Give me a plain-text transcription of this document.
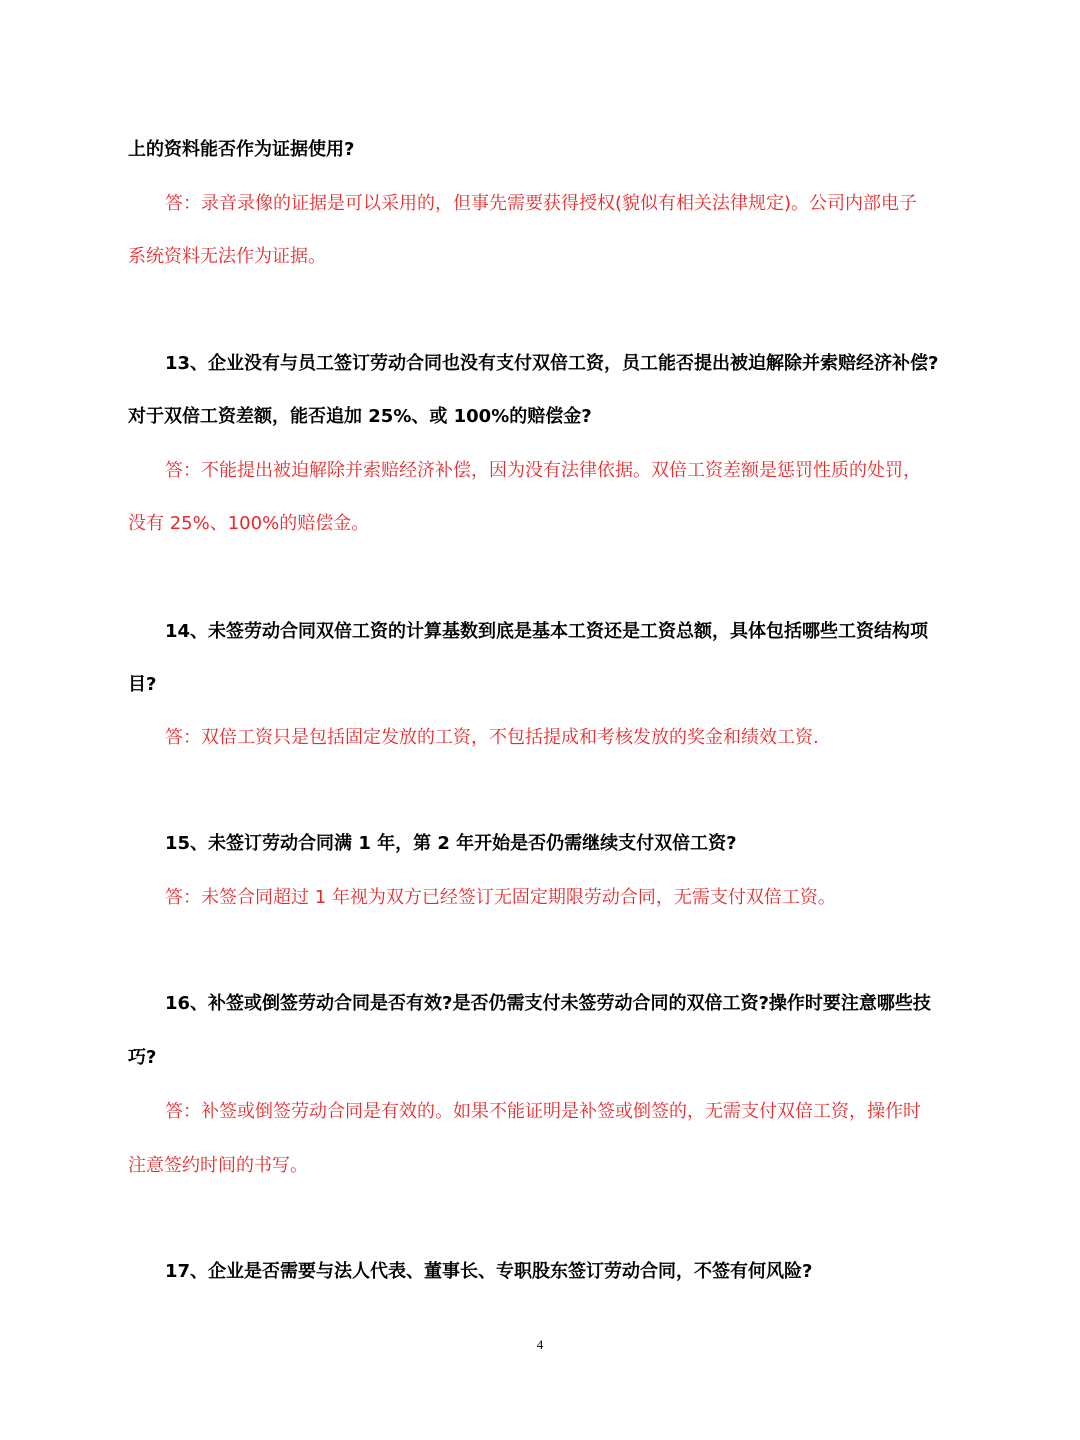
上的资料能否作为证据使用?
答：录音录像的证据是可以采用的，但事先需要获得授权(貌似有相关法律规定)。公司内部电子
系统资料无法作为证据。
13、企业没有与员工签订劳动合同也没有支付双倍工资，员工能否提出被迫解除并索赔经济补偿?
对于双倍工资差额，能否追加 25%、或 100%的赔偿金?
答：不能提出被迫解除并索赔经济补偿，因为没有法律依据。双倍工资差额是惩罚性质的处罚，
没有 25%、100%的赔偿金。
14、未签劳动合同双倍工资的计算基数到底是基本工资还是工资总额，具体包括哪些工资结构项
目?
答：双倍工资只是包括固定发放的工资，不包括提成和考核发放的奖金和绩效工资.
15、未签订劳动合同满 1 年，第 2 年开始是否仍需继续支付双倍工资?
答：未签合同超过 1 年视为双方已经签订无固定期限劳动合同，无需支付双倍工资。
16、补签或倒签劳动合同是否有效?是否仍需支付未签劳动合同的双倍工资?操作时要注意哪些技
巧?
答：补签或倒签劳动合同是有效的。如果不能证明是补签或倒签的，无需支付双倍工资，操作时
注意签约时间的书写。
17、企业是否需要与法人代表、董事长、专职股东签订劳动合同，不签有何风险?
4
